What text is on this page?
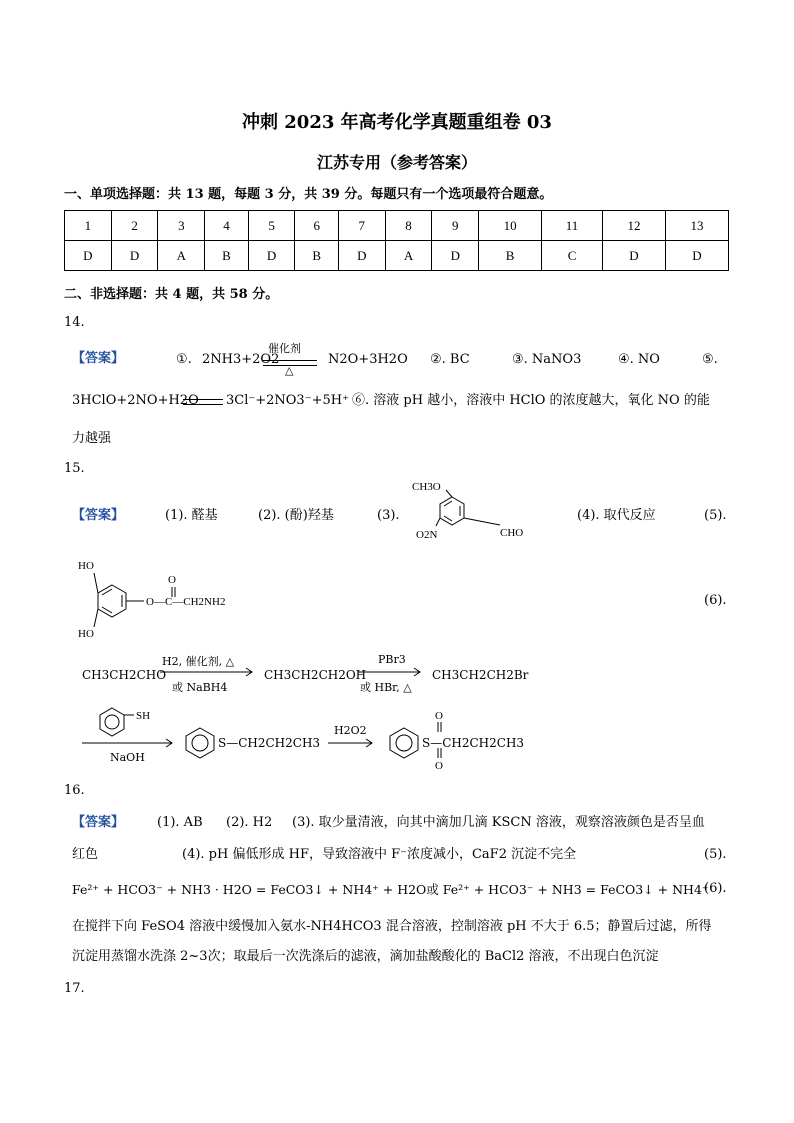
冲刺 2023 年高考化学真题重组卷 03
江苏专用（参考答案）
一、单项选择题：共 13 题，每题 3 分，共 39 分。每题只有一个选项最符合题意。
1	2	3	4	5	6	7	8	9	10	11	12	13
D	D	A	B	D	B	D	A	D	B	C	D	D
二、非选择题：共 4 题，共 58 分。
14.
【答案】	①. 2NH3+2O2
催化剂
△
N2O+3H2O ②. BC	③. NaNO3	④. NO	⑤.
3HClO+2NO+H2O 3Cl⁻+2NO3⁻+5H⁺ ⑥. 溶液 pH 越小，溶液中 HClO 的浓度越大，氧化 NO 的能
力越强
15.
【答案】	(1). 醛基	(2). (酚)羟基	(3).
CH3O
O2N	CHO
(4). 取代反应	(5).
HO
HO
O
O—C—CH2NH2	(6).
CH3CH2CHO
H2, 催化剂, △
或 NaBH4
CH3CH2CH2OH
PBr3
或 HBr, △
CH3CH2CH2Br
SH
NaOH
S—CH2CH2CH3
H2O2
O
O
S—CH2CH2CH3
16.
【答案】	(1). AB (2). H2 (3). 取少量清液，向其中滴加几滴 KSCN 溶液，观察溶液颜色是否呈血
红色	(4). pH 偏低形成 HF，导致溶液中 F⁻浓度减小，CaF2 沉淀不完全	(5).
Fe²⁺ + HCO3⁻ + NH3 · H2O = FeCO3↓ + NH4⁺ + H2O或 Fe²⁺ + HCO3⁻ + NH3 = FeCO3↓ + NH4⁺
(6).
在搅拌下向 FeSO4 溶液中缓慢加入氨水-NH4HCO3 混合溶液，控制溶液 pH 不大于 6.5；静置后过滤，所得
沉淀用蒸馏水洗涤 2~3次；取最后一次洗涤后的滤液，滴加盐酸酸化的 BaCl2 溶液，不出现白色沉淀
17.
